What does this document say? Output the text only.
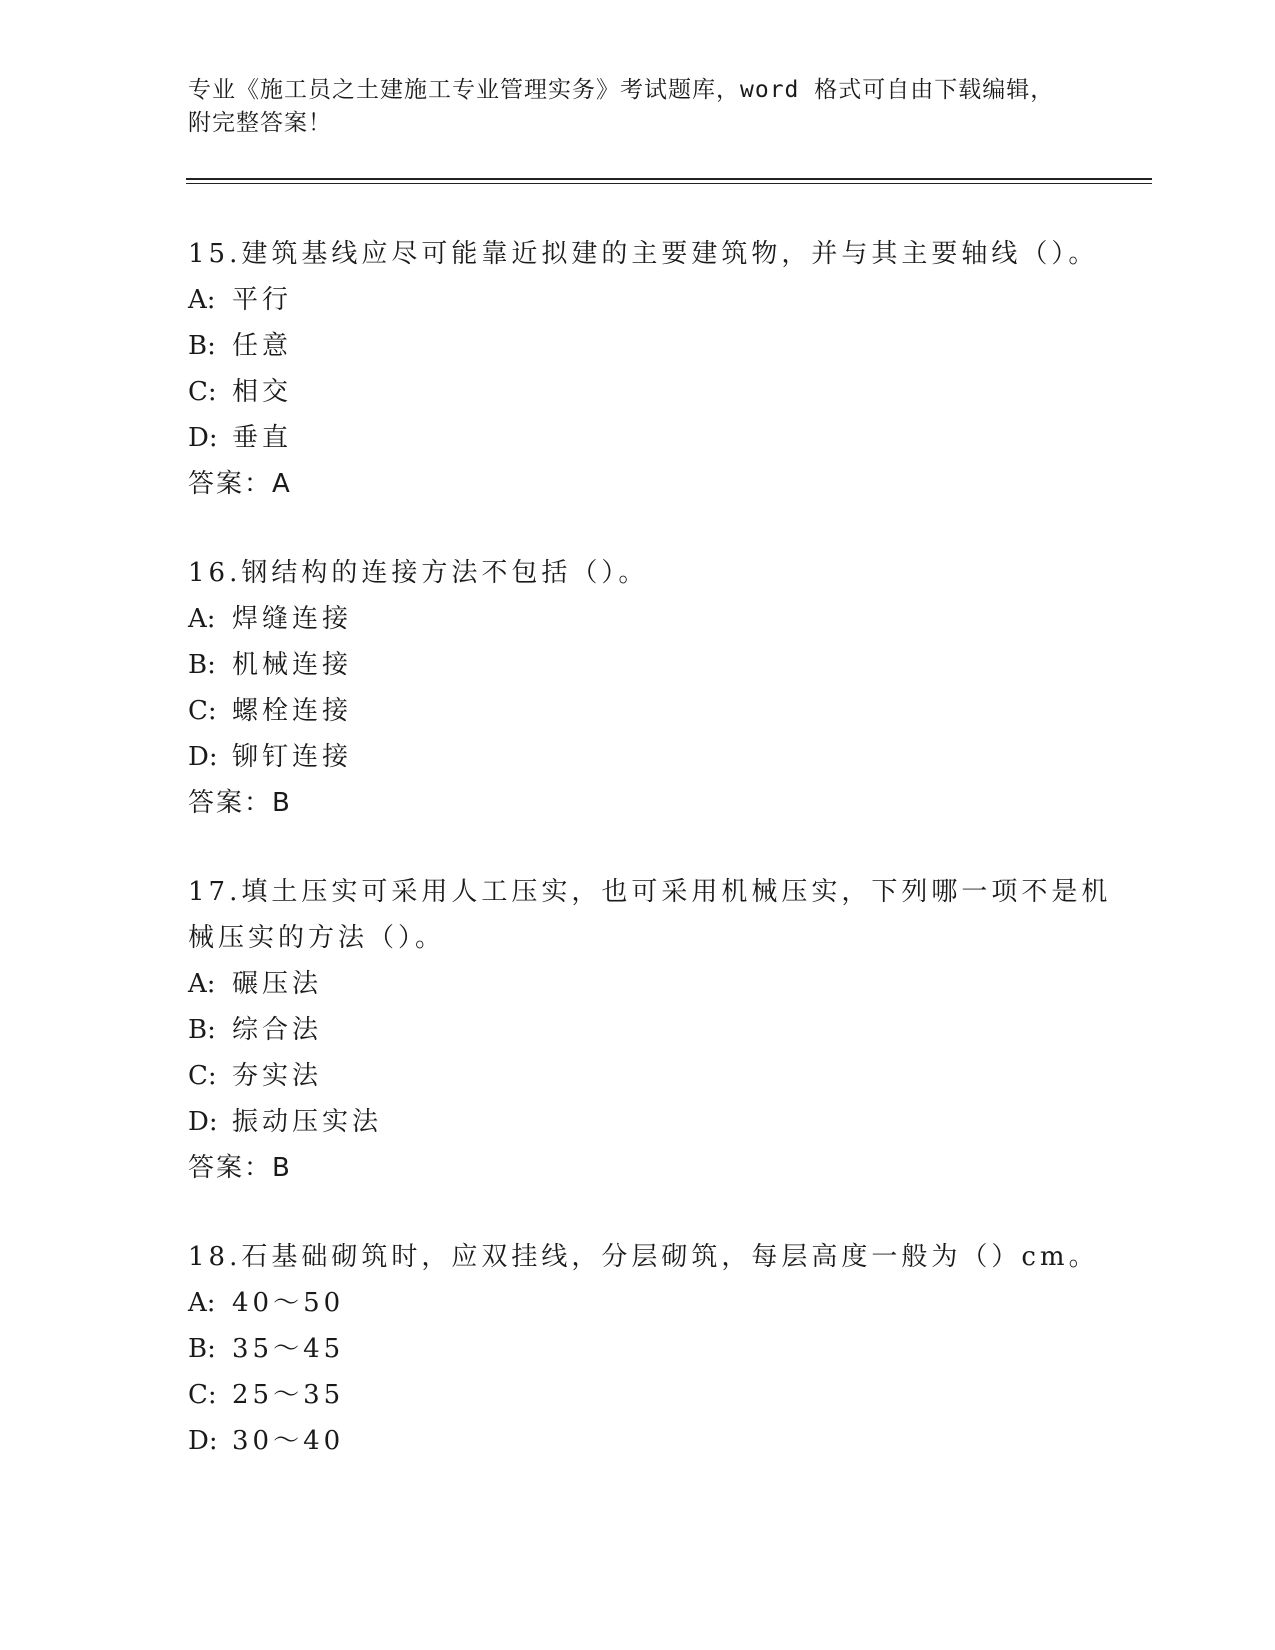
专业《施工员之土建施工专业管理实务》考试题库，word 格式可自由下载编辑，
附完整答案！
15.建筑基线应尽可能靠近拟建的主要建筑物，并与其主要轴线（）。
A: 平行
B: 任意
C: 相交
D: 垂直
答案：A
16.钢结构的连接方法不包括（）。
A: 焊缝连接
B: 机械连接
C: 螺栓连接
D: 铆钉连接
答案：B
17.填土压实可采用人工压实，也可采用机械压实，下列哪一项不是机
械压实的方法（）。
A: 碾压法
B: 综合法
C: 夯实法
D: 振动压实法
答案：B
18.石基础砌筑时，应双挂线，分层砌筑，每层高度一般为（）cm。
A: 40～50
B: 35～45
C: 25～35
D: 30～40
